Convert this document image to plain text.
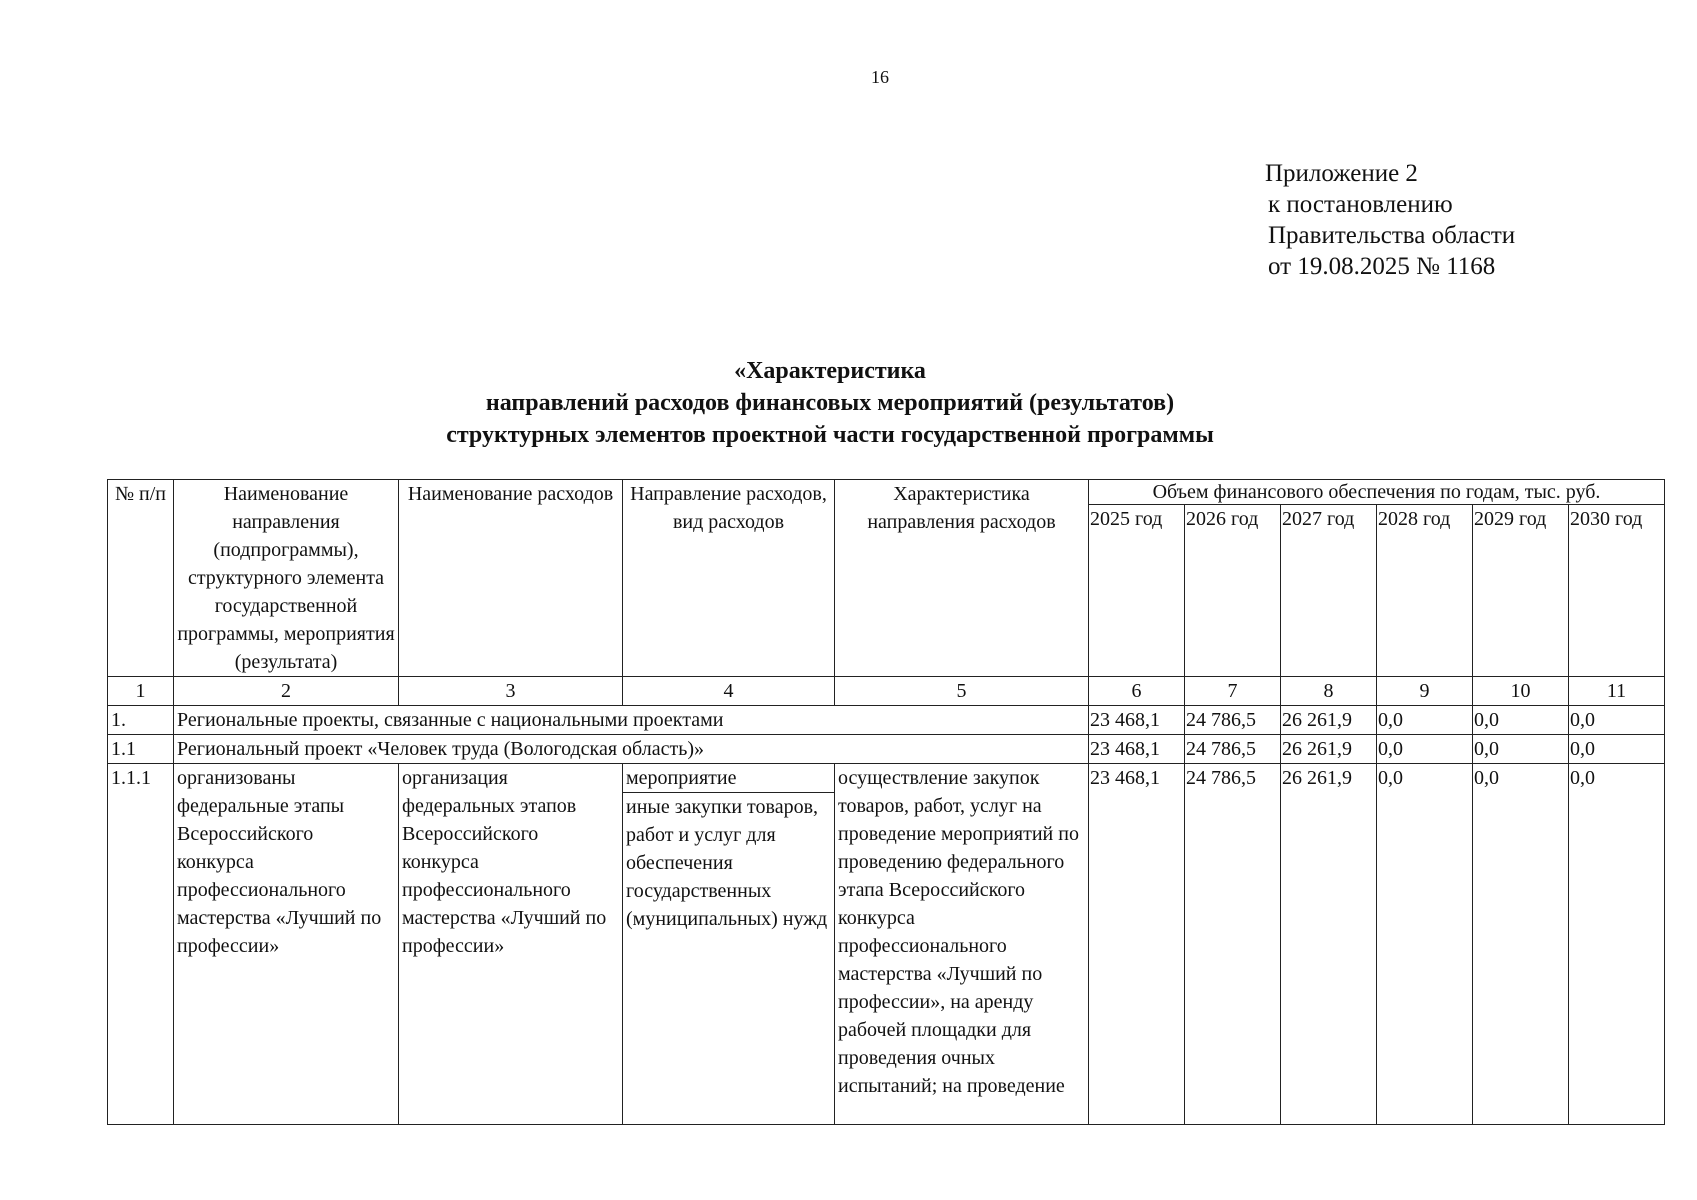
16
Приложение 2
к постановлению
Правительства области
от 19.08.2025 № 1168
«Характеристика
направлений расходов финансовых мероприятий (результатов)
структурных элементов проектной части государственной программы
№ п/п	Наименование направления (подпрограммы), структурного элемента государственной программы, мероприятия (результата)	Наименование расходов	Направление расходов, вид расходов	Характеристика направления расходов	Объем финансового обеспечения по годам, тыс. руб.					
					2025 год	2026 год	2027 год	2028 год	2029 год	2030 год
1	2	3	4	5	6	7	8	9	10	11
1.	Региональные проекты, связанные с национальными проектами				23 468,1	24 786,5	26 261,9	0,0	0,0	0,0
1.1	Региональный проект «Человек труда (Вологодская область)»				23 468,1	24 786,5	26 261,9	0,0	0,0	0,0
1.1.1	организованы федеральные этапы Всероссийского конкурса профессионального мастерства «Лучший по профессии»	организация федеральных этапов Всероссийского конкурса профессионального мастерства «Лучший по профессии»	мероприятие
иные закупки товаров, работ и услуг для обеспечения государственных (муниципальных) нужд	осуществление закупок товаров, работ, услуг на проведение мероприятий по проведению федерального этапа Всероссийского конкурса профессионального мастерства «Лучший по профессии», на аренду рабочей площадки для проведения очных испытаний; на проведение	23 468,1	24 786,5	26 261,9	0,0	0,0	0,0
